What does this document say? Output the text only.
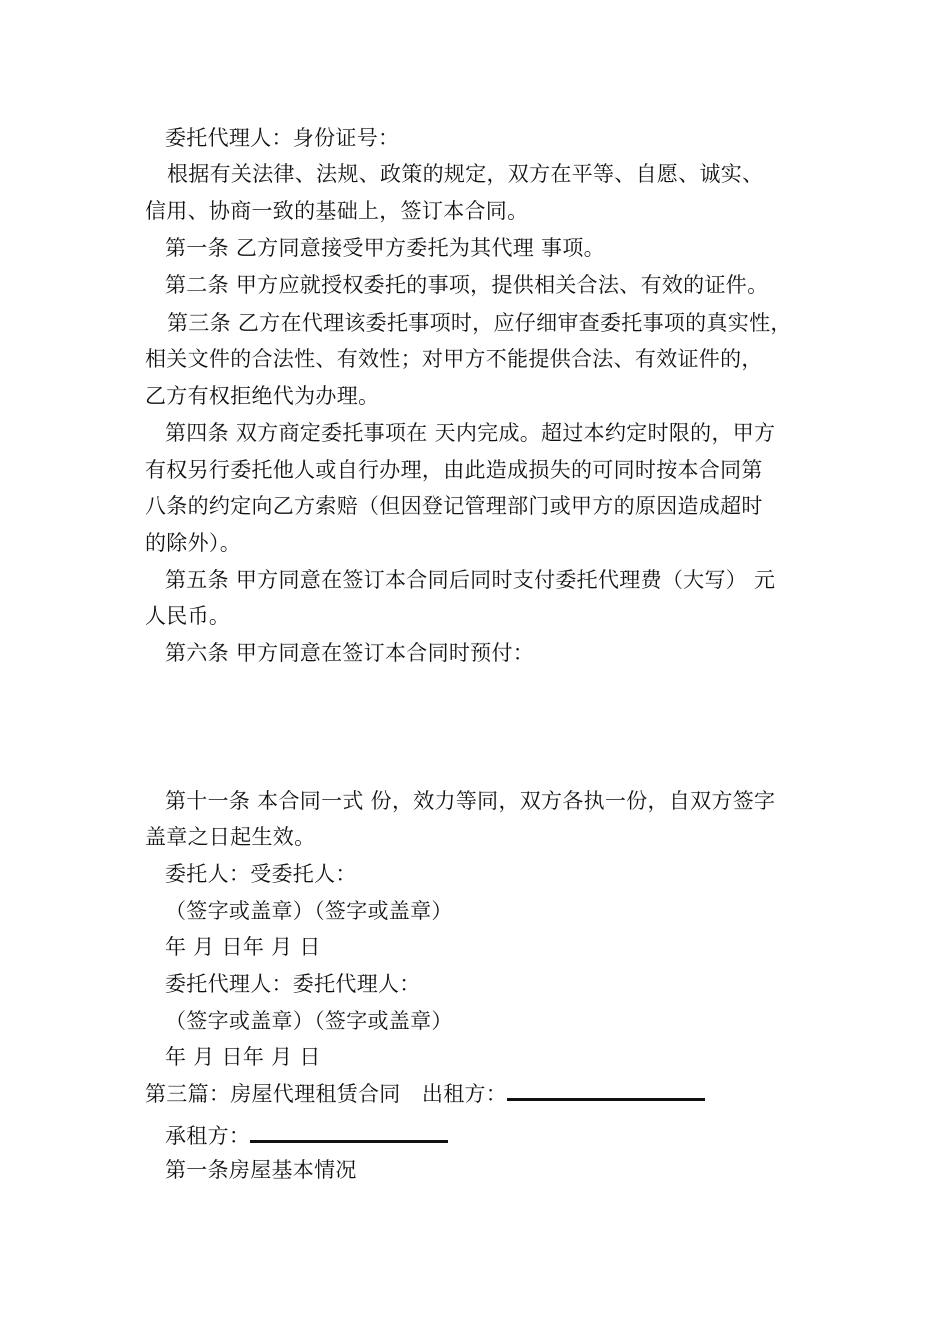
委托代理人：身份证号：
根据有关法律、法规、政策的规定，双方在平等、自愿、诚实、
信用、协商一致的基础上，签订本合同。
第一条 乙方同意接受甲方委托为其代理 事项。
第二条 甲方应就授权委托的事项，提供相关合法、有效的证件。
第三条 乙方在代理该委托事项时，应仔细审查委托事项的真实性，
相关文件的合法性、有效性；对甲方不能提供合法、有效证件的，
乙方有权拒绝代为办理。
第四条 双方商定委托事项在 天内完成。超过本约定时限的，甲方
有权另行委托他人或自行办理，由此造成损失的可同时按本合同第
八条的约定向乙方索赔（但因登记管理部门或甲方的原因造成超时
的除外）。
第五条 甲方同意在签订本合同后同时支付委托代理费（大写） 元
人民币。
第六条 甲方同意在签订本合同时预付：
第十一条 本合同一式 份，效力等同，双方各执一份，自双方签字
盖章之日起生效。
委托人：受委托人：
（签字或盖章）（签字或盖章）
年 月 日年 月 日
委托代理人：委托代理人：
（签字或盖章）（签字或盖章）
年 月 日年 月 日
第三篇：房屋代理租赁合同　出租方：
承租方：
第一条房屋基本情况
